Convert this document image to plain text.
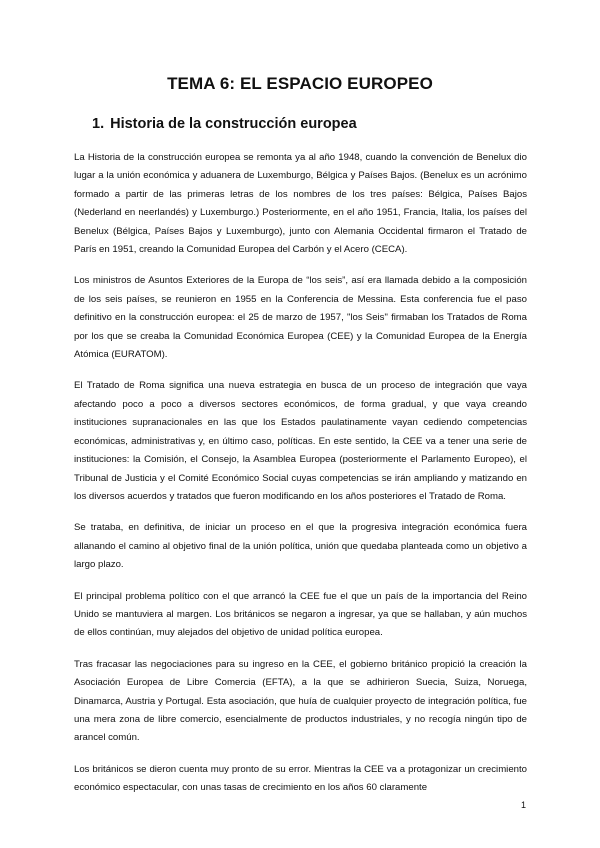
TEMA 6: EL ESPACIO EUROPEO
1. Historia de la construcción europea

La Historia de la construcción europea se remonta ya al año 1948, cuando la convención de Benelux dio lugar a la unión económica y aduanera de Luxemburgo, Bélgica y Países Bajos. (Benelux es un acrónimo formado a partir de las primeras letras de los nombres de los tres países: Bélgica, Países Bajos (Nederland en neerlandés) y Luxemburgo.) Posteriormente, en el año 1951, Francia, Italia, los países del Benelux (Bélgica, Países Bajos y Luxemburgo), junto con Alemania Occidental firmaron el Tratado de París en 1951, creando la Comunidad Europea del Carbón y el Acero (CECA).

Los ministros de Asuntos Exteriores de la Europa de “los seis”, así era llamada debido a la composición de los seis países, se reunieron en 1955 en la Conferencia de Messina. Esta conferencia fue el paso definitivo en la construcción europea: el 25 de marzo de 1957, "los Seis" firmaban los Tratados de Roma por los que se creaba la Comunidad Económica Europea (CEE) y la Comunidad Europea de la Energía Atómica (EURATOM).

El Tratado de Roma significa una nueva estrategia en busca de un proceso de integración que vaya afectando poco a poco a diversos sectores económicos, de forma gradual, y que vaya creando instituciones supranacionales en las que los Estados paulatinamente vayan cediendo competencias económicas, administrativas y, en último caso, políticas. En este sentido, la CEE va a tener una serie de instituciones: la Comisión, el Consejo, la Asamblea Europea (posteriormente el Parlamento Europeo), el Tribunal de Justicia y el Comité Económico Social cuyas competencias se irán ampliando y matizando en los diversos acuerdos y tratados que fueron modificando en los años posteriores el Tratado de Roma.

Se trataba, en definitiva, de iniciar un proceso en el que la progresiva integración económica fuera allanando el camino al objetivo final de la unión política, unión que quedaba planteada como un objetivo a largo plazo.

El principal problema político con el que arrancó la CEE fue el que un país de la importancia del Reino Unido se mantuviera al margen. Los británicos se negaron a ingresar, ya que se hallaban, y aún muchos de ellos continúan, muy alejados del objetivo de unidad política europea.

Tras fracasar las negociaciones para su ingreso en la CEE, el gobierno británico propició la creación la Asociación Europea de Libre Comercia (EFTA), a la que se adhirieron Suecia, Suiza, Noruega, Dinamarca, Austria y Portugal. Esta asociación, que huía de cualquier proyecto de integración política, fue una mera zona de libre comercio, esencialmente de productos industriales, y no recogía ningún tipo de arancel común.

Los británicos se dieron cuenta muy pronto de su error. Mientras la CEE va a protagonizar un crecimiento económico espectacular, con unas tasas de crecimiento en los años 60 claramente

1
